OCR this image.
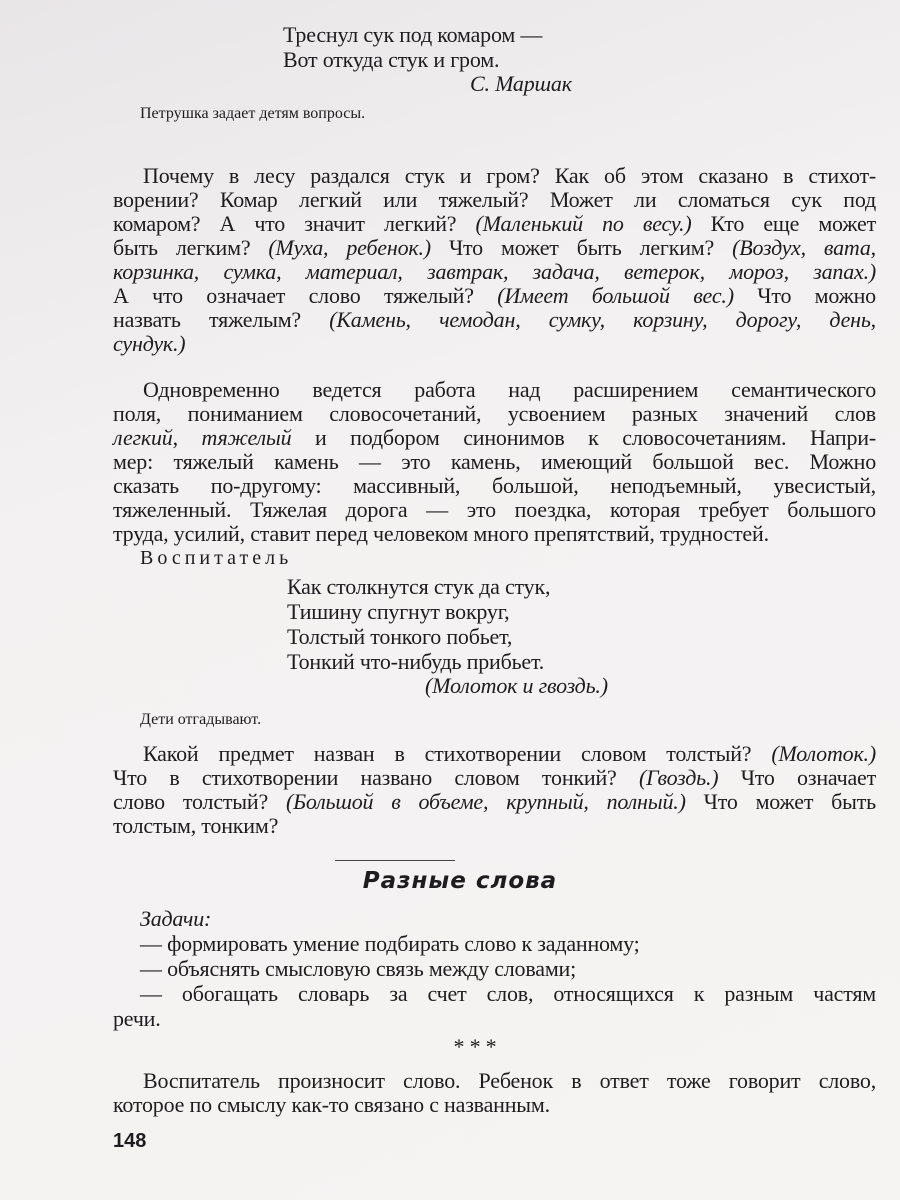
Треснул сук под комаром —
Вот откуда стук и гром.
С. Маршак
Петрушка задает детям вопросы.
Почему в лесу раздался стук и гром? Как об этом сказано в стихот-
ворении? Комар легкий или тяжелый? Может ли сломаться сук под
комаром? А что значит легкий? (Маленький по весу.) Кто еще может
быть легким? (Муха, ребенок.) Что может быть легким? (Воздух, вата,
корзинка, сумка, материал, завтрак, задача, ветерок, мороз, запах.)
А что означает слово тяжелый? (Имеет большой вес.) Что можно
назвать тяжелым? (Камень, чемодан, сумку, корзину, дорогу, день,
сундук.)
Одновременно ведется работа над расширением семантического
поля, пониманием словосочетаний, усвоением разных значений слов
легкий, тяжелый и подбором синонимов к словосочетаниям. Напри-
мер: тяжелый камень — это камень, имеющий большой вес. Можно
сказать по-другому: массивный, большой, неподъемный, увесистый,
тяжеленный. Тяжелая дорога — это поездка, которая требует большого
труда, усилий, ставит перед человеком много препятствий, трудностей.
Воспитатель
Как столкнутся стук да стук,
Тишину спугнут вокруг,
Толстый тонкого побьет,
Тонкий что-нибудь прибьет.
(Молоток и гвоздь.)
Дети отгадывают.
Какой предмет назван в стихотворении словом толстый? (Молоток.)
Что в стихотворении названо словом тонкий? (Гвоздь.) Что означает
слово толстый? (Большой в объеме, крупный, полный.) Что может быть
толстым, тонким?
Разные слова
Задачи:
— формировать умение подбирать слово к заданному;
— объяснять смысловую связь между словами;
— обогащать словарь за счет слов, относящихся к разным частям
речи.
* * *
Воспитатель произносит слово. Ребенок в ответ тоже говорит слово,
которое по смыслу как-то связано с названным.
148
